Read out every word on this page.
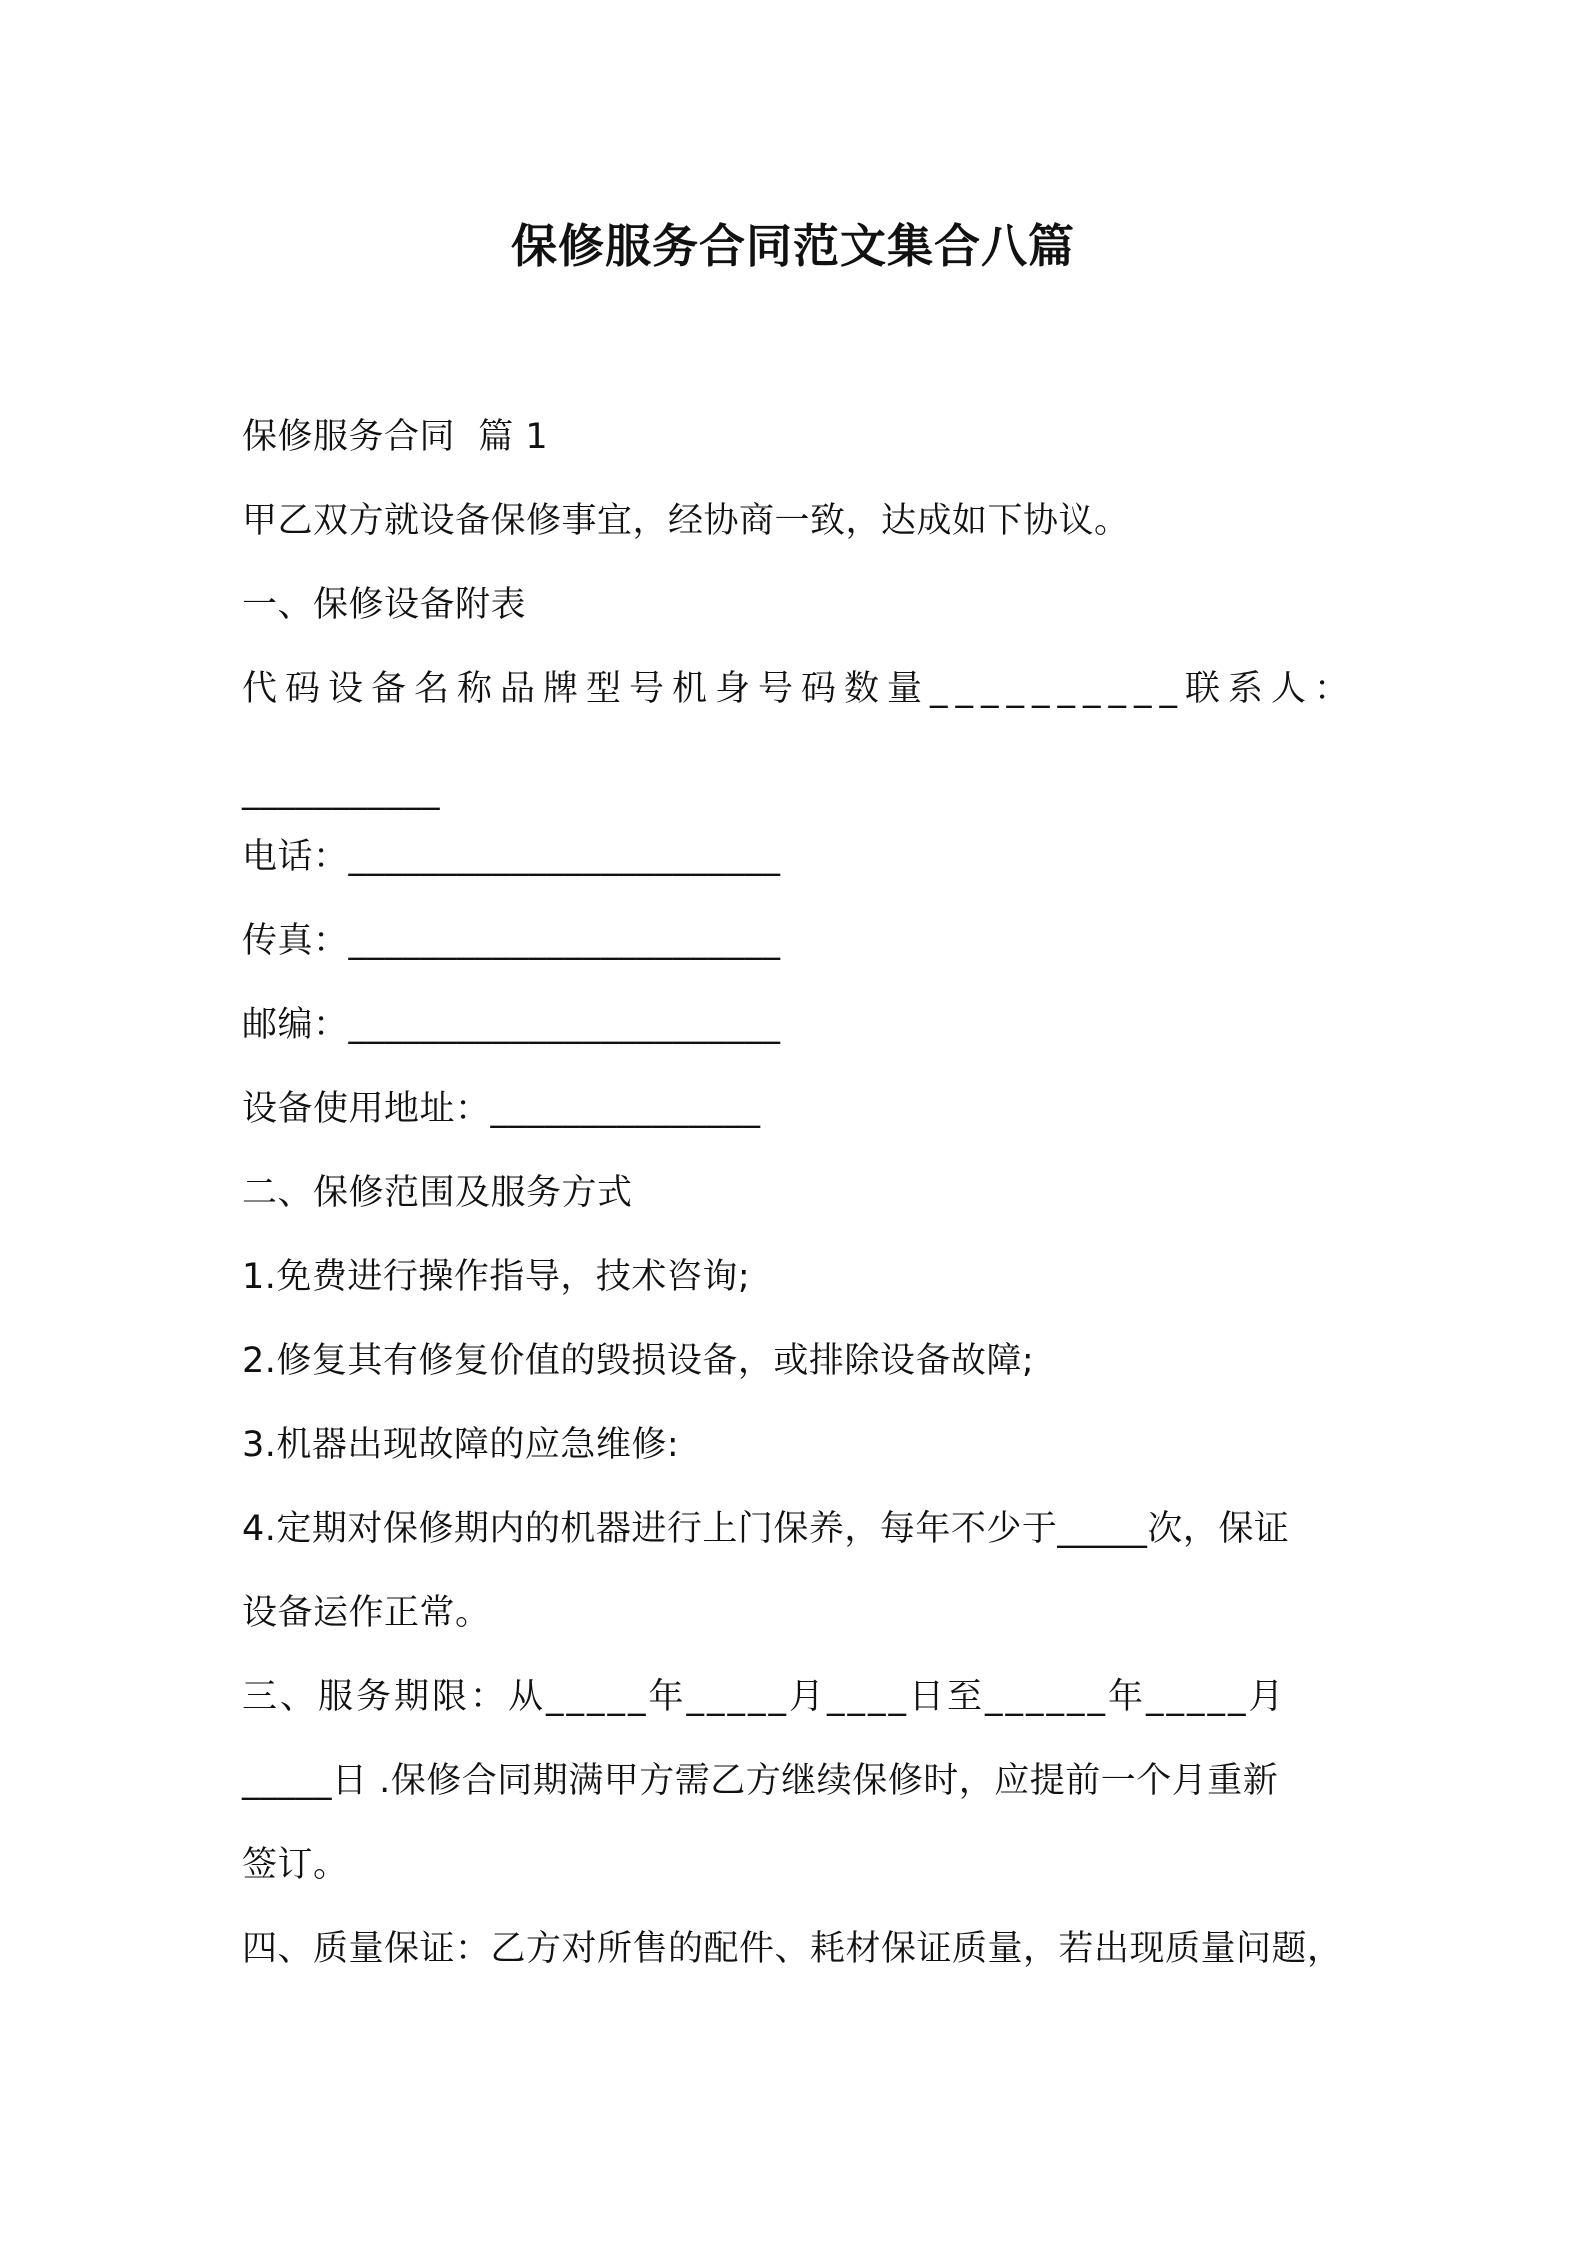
保修服务合同范文集合八篇
保修服务合同  篇 1
甲乙双方就设备保修事宜，经协商一致，达成如下协议。
一、保修设备附表
代码设备名称品牌型号机身号码数量__________联系人：
___________
电话：________________________
传真：________________________
邮编：________________________
设备使用地址：_______________
二、保修范围及服务方式
1.免费进行操作指导，技术咨询;
2.修复其有修复价值的毁损设备，或排除设备故障;
3.机器出现故障的应急维修:
4.定期对保修期内的机器进行上门保养，每年不少于_____次，保证
设备运作正常。
三、服务期限：从_____年_____月____日至______年_____月
_____日 .保修合同期满甲方需乙方继续保修时，应提前一个月重新
签订。
四、质量保证：乙方对所售的配件、耗材保证质量，若出现质量问题，
